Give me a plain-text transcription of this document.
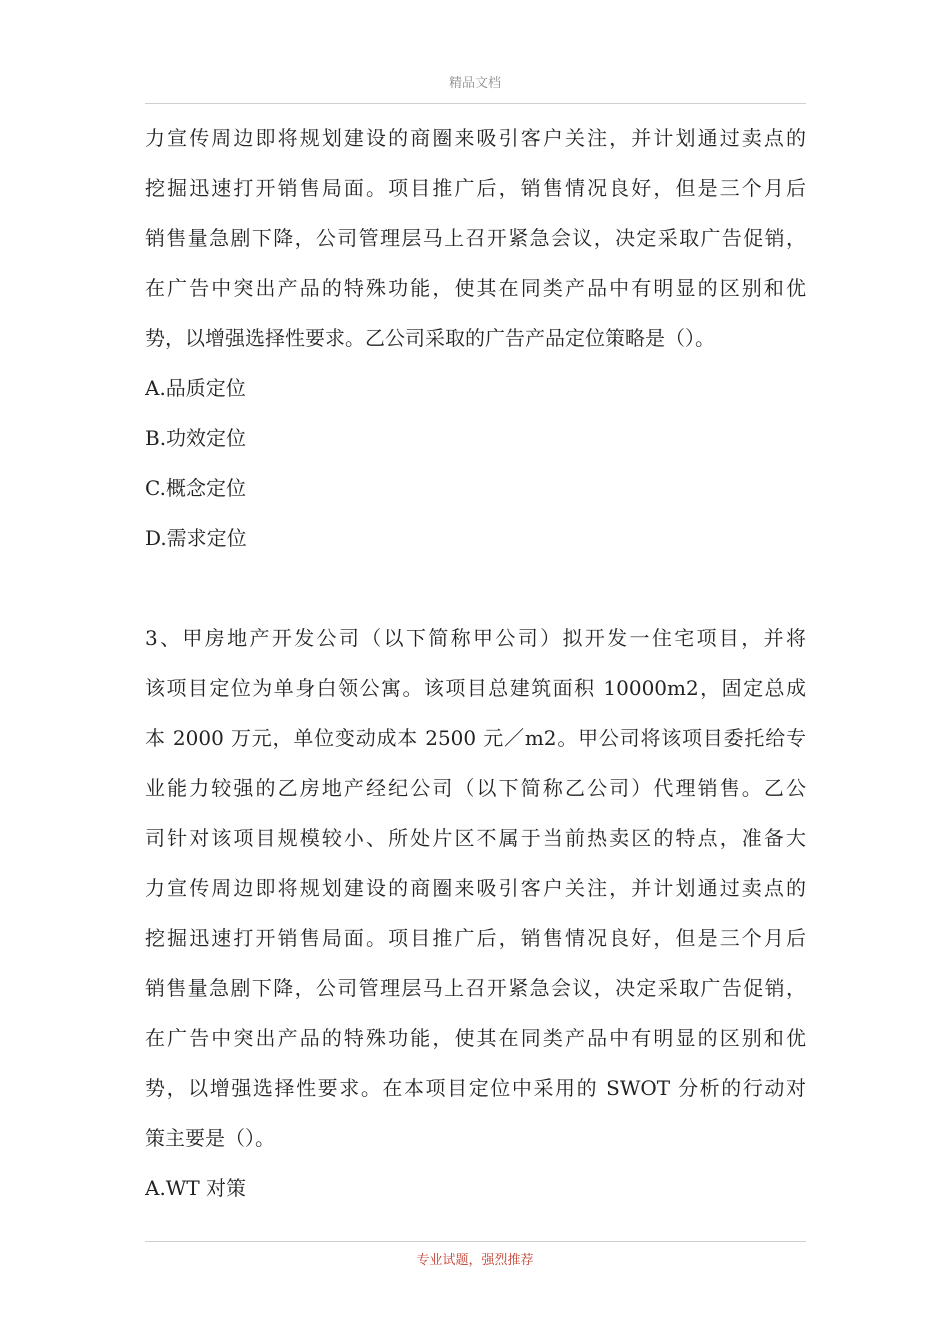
精品文档
力宣传周边即将规划建设的商圈来吸引客户关注，并计划通过卖点的
挖掘迅速打开销售局面。项目推广后，销售情况良好，但是三个月后
销售量急剧下降，公司管理层马上召开紧急会议，决定采取广告促销，
在广告中突出产品的特殊功能，使其在同类产品中有明显的区别和优
势，以增强选择性要求。乙公司采取的广告产品定位策略是（）。
A.品质定位
B.功效定位
C.概念定位
D.需求定位
3、甲房地产开发公司（以下简称甲公司）拟开发一住宅项目，并将
该项目定位为单身白领公寓。该项目总建筑面积 10000m2，固定总成
本 2000 万元，单位变动成本 2500 元／m2。甲公司将该项目委托给专
业能力较强的乙房地产经纪公司（以下简称乙公司）代理销售。乙公
司针对该项目规模较小、所处片区不属于当前热卖区的特点，准备大
力宣传周边即将规划建设的商圈来吸引客户关注，并计划通过卖点的
挖掘迅速打开销售局面。项目推广后，销售情况良好，但是三个月后
销售量急剧下降，公司管理层马上召开紧急会议，决定采取广告促销，
在广告中突出产品的特殊功能，使其在同类产品中有明显的区别和优
势，以增强选择性要求。在本项目定位中采用的 SWOT 分析的行动对
策主要是（）。
A.WT 对策
专业试题，强烈推荐
